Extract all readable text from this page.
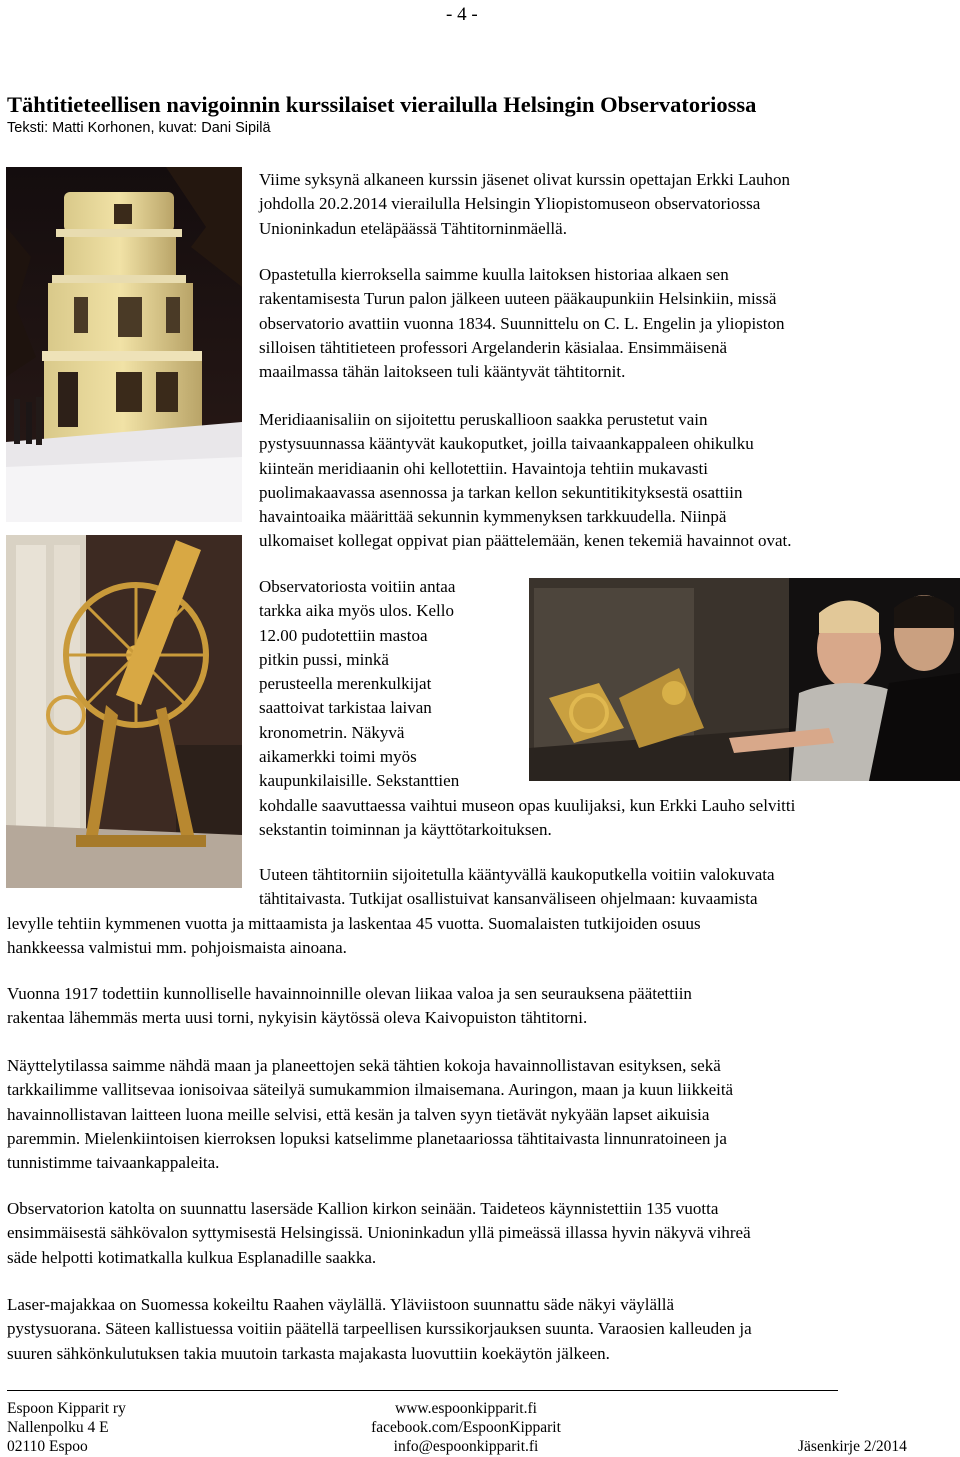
- 4 -
Tähtitieteellisen navigoinnin kurssilaiset vierailulla Helsingin Observatoriossa
Teksti: Matti Korhonen, kuvat: Dani Sipilä
Viime syksynä alkaneen kurssin jäsenet olivat kurssin opettajan Erkki Lauhon
johdolla 20.2.2014 vierailulla Helsingin Yliopistomuseon observatoriossa
Unioninkadun eteläpäässä Tähtitorninmäellä.
Opastetulla kierroksella saimme kuulla laitoksen historiaa alkaen sen
rakentamisesta Turun palon jälkeen uuteen pääkaupunkiin Helsinkiin, missä
observatorio avattiin vuonna 1834. Suunnittelu on C. L. Engelin ja yliopiston
silloisen tähtitieteen professori Argelanderin käsialaa. Ensimmäisenä
maailmassa tähän laitokseen tuli kääntyvät tähtitornit.
Meridiaanisaliin on sijoitettu peruskallioon saakka perustetut vain
pystysuunnassa kääntyvät kaukoputket, joilla taivaankappaleen ohikulku
kiinteän meridiaanin ohi kellotettiin. Havaintoja tehtiin mukavasti
puolimakaavassa asennossa ja tarkan kellon sekuntitikityksestä osattiin
havaintoaika määrittää sekunnin kymmenyksen tarkkuudella. Niinpä
ulkomaiset kollegat oppivat pian päättelemään, kenen tekemiä havainnot ovat.
Observatoriosta voitiin antaa
tarkka aika myös ulos. Kello
12.00 pudotettiin mastoa
pitkin pussi, minkä
perusteella merenkulkijat
saattoivat tarkistaa laivan
kronometrin. Näkyvä
aikamerkki toimi myös
kaupunkilaisille. Sekstanttien
kohdalle saavuttaessa vaihtui museon opas kuulijaksi, kun Erkki Lauho selvitti
sekstantin toiminnan ja käyttötarkoituksen.
Uuteen tähtitorniin sijoitetulla kääntyvällä kaukoputkella voitiin valokuvata
tähtitaivasta. Tutkijat osallistuivat kansanväliseen ohjelmaan: kuvaamista
levylle tehtiin kymmenen vuotta ja mittaamista ja laskentaa 45 vuotta. Suomalaisten tutkijoiden osuus
hankkeessa valmistui mm. pohjoismaista ainoana.
Vuonna 1917 todettiin kunnolliselle havainnoinnille olevan liikaa valoa ja sen seurauksena päätettiin
rakentaa lähemmäs merta uusi torni, nykyisin käytössä oleva Kaivopuiston tähtitorni.
Näyttelytilassa saimme nähdä maan ja planeettojen sekä tähtien kokoja havainnollistavan esityksen, sekä
tarkkailimme vallitsevaa ionisoivaa säteilyä sumukammion ilmaisemana. Auringon, maan ja kuun liikkeitä
havainnollistavan laitteen luona meille selvisi, että kesän ja talven syyn tietävät nykyään lapset aikuisia
paremmin. Mielenkiintoisen kierroksen lopuksi katselimme planetaariossa tähtitaivasta linnunratoineen ja
tunnistimme taivaankappaleita.
Observatorion katolta on suunnattu lasersäde Kallion kirkon seinään. Taideteos käynnistettiin 135 vuotta
ensimmäisestä sähkövalon syttymisestä Helsingissä. Unioninkadun yllä pimeässä illassa hyvin näkyvä vihreä
säde helpotti kotimatkalla kulkua Esplanadille saakka.
Laser-majakkaa on Suomessa kokeiltu Raahen väylällä. Yläviistoon suunnattu säde näkyi väylällä
pystysuorana. Säteen kallistuessa voitiin päätellä tarpeellisen kurssikorjauksen suunta. Varaosien kalleuden ja
suuren sähkönkulutuksen takia muutoin tarkasta majakasta luovuttiin koekäytön jälkeen.
Espoon Kipparit ry
Nallenpolku 4 E
02110 Espoo
www.espoonkipparit.fi
facebook.com/EspoonKipparit
info@espoonkipparit.fi	Jäsenkirje 2/2014
